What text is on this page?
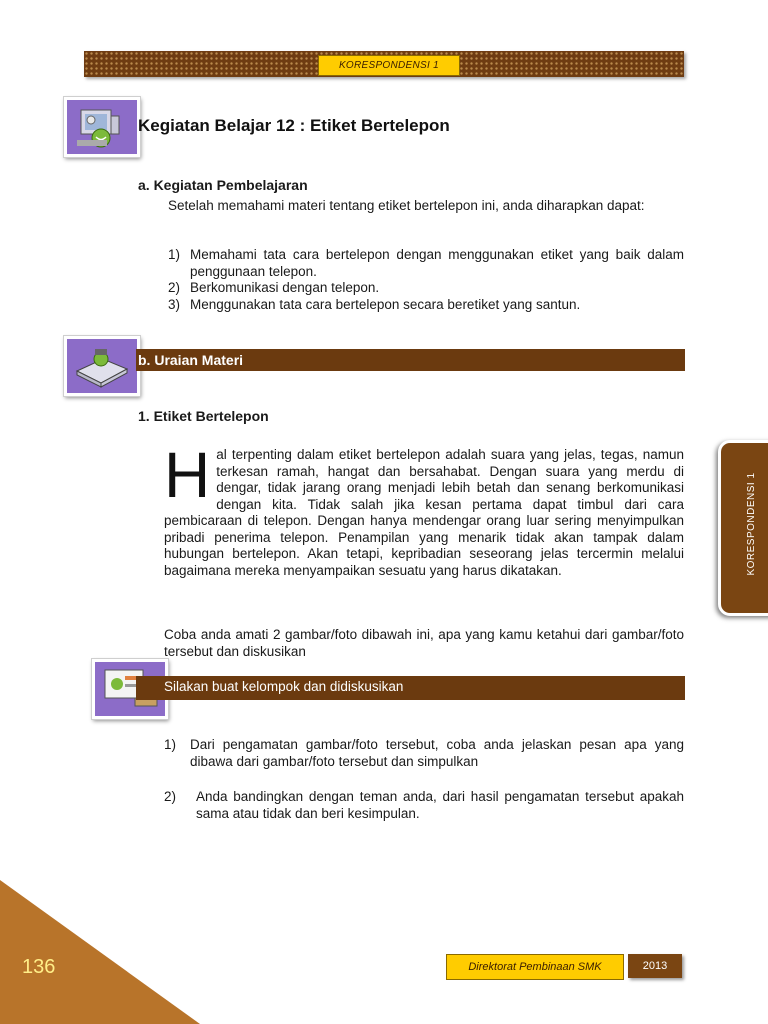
KORESPONDENSI 1
Kegiatan Belajar 12 : Etiket Bertelepon
a. Kegiatan Pembelajaran
Setelah memahami materi tentang etiket bertelepon ini, anda diharapkan dapat:
1) Memahami tata cara bertelepon dengan menggunakan etiket yang baik dalam penggunaan telepon.
2) Berkomunikasi dengan telepon.
3) Menggunakan tata cara bertelepon secara beretiket yang santun.
b. Uraian Materi
1. Etiket Bertelepon
H al terpenting dalam etiket bertelepon adalah suara yang jelas, tegas, namun terkesan ramah, hangat dan bersahabat. Dengan suara yang merdu di dengar, tidak jarang orang menjadi lebih betah dan senang berkomunikasi dengan kita. Tidak salah jika kesan pertama dapat timbul dari cara pembicaraan di telepon. Dengan hanya mendengar orang luar sering menyimpulkan pribadi penerima telepon. Penampilan yang menarik tidak akan tampak dalam hubungan bertelepon. Akan tetapi, kepribadian seseorang jelas tercermin melalui bagaimana mereka menyampaikan sesuatu yang harus dikatakan.
Coba anda amati 2 gambar/foto dibawah ini, apa yang kamu ketahui dari gambar/foto tersebut dan diskusikan
Silakan buat kelompok dan didiskusikan
1)	Dari pengamatan gambar/foto tersebut, coba anda jelaskan pesan apa yang dibawa dari gambar/foto tersebut dan simpulkan
2)	Anda bandingkan dengan teman anda, dari hasil pengamatan tersebut apakah sama atau tidak dan beri kesimpulan.
KORESPONDENSI 1
136	Direktorat Pembinaan SMK	2013
